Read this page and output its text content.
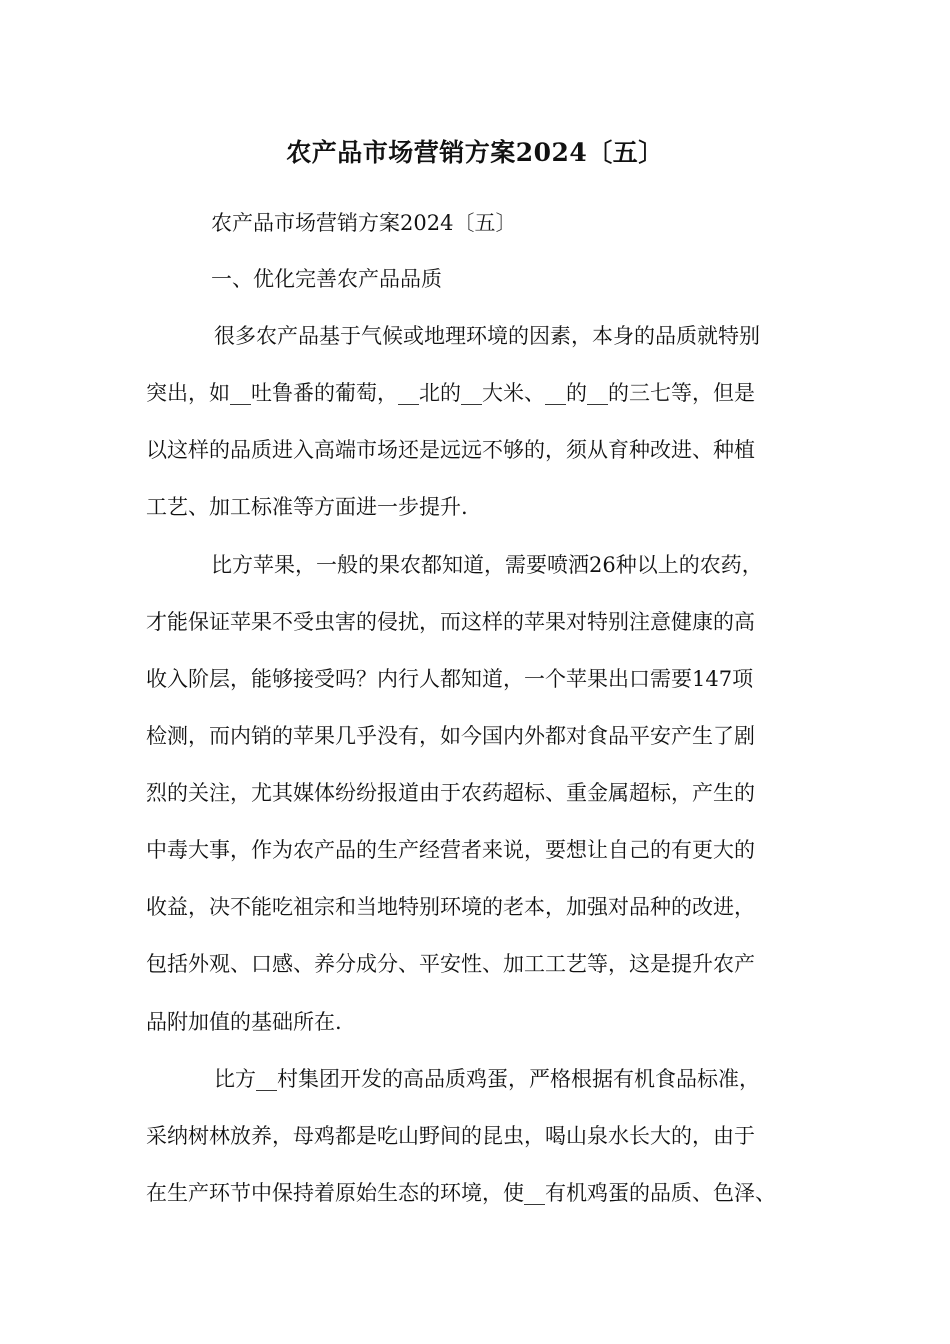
农产品市场营销方案2024〔五〕
农产品市场营销方案2024〔五〕
一、优化完善农产品品质
很多农产品基于气候或地理环境的因素，本身的品质就特别
突出，如__吐鲁番的葡萄，__北的__大米、__的__的三七等，但是
以这样的品质进入高端市场还是远远不够的，须从育种改进、种植
工艺、加工标准等方面进一步提升.
比方苹果，一般的果农都知道，需要喷洒26种以上的农药，
才能保证苹果不受虫害的侵扰，而这样的苹果对特别注意健康的高
收入阶层，能够接受吗？内行人都知道，一个苹果出口需要147项
检测，而内销的苹果几乎没有，如今国内外都对食品平安产生了剧
烈的关注，尤其媒体纷纷报道由于农药超标、重金属超标，产生的
中毒大事，作为农产品的生产经营者来说，要想让自己的有更大的
收益，决不能吃祖宗和当地特别环境的老本，加强对品种的改进，
包括外观、口感、养分成分、平安性、加工工艺等，这是提升农产
品附加值的基础所在.
比方__村集团开发的高品质鸡蛋，严格根据有机食品标准，
采纳树林放养，母鸡都是吃山野间的昆虫，喝山泉水长大的，由于
在生产环节中保持着原始生态的环境，使__有机鸡蛋的品质、色泽、
